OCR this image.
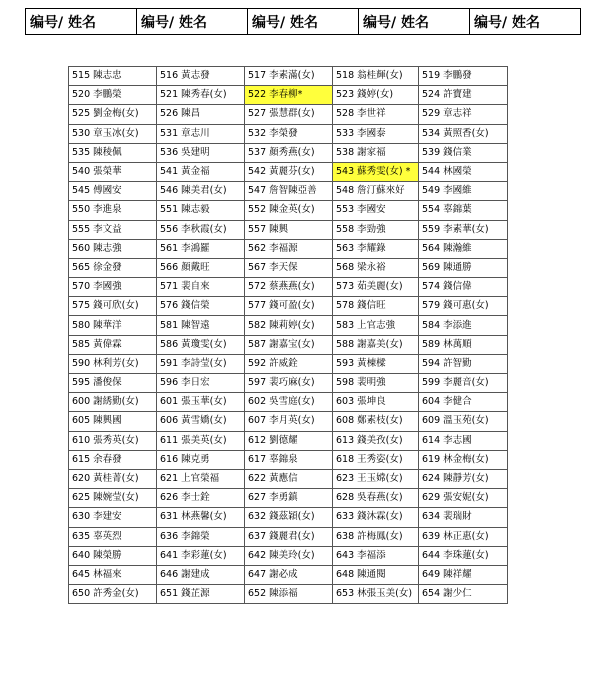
编号/ 姓名	编号/ 姓名	编号/ 姓名	编号/ 姓名	编号/ 姓名
515 陳志忠	516 黃志發	517 李素滿(女)	518 翁桂輝(女)	519 李鵬發
520 李鵬榮	521 陳秀春(女)	522 李春柳*	523 錢婷(女)	524 許寶建
525 劉金梅(女)	526 陳昌	527 張慧群(女)	528 李世祥	529 章志祥
530 章玉冰(女)	531 章志川	532 李榮發	533 李國泰	534 黃照香(女)
535 陳稜佩	536 吳建明	537 顏秀燕(女)	538 謝家福	539 錢信業
540 張榮華	541 黃金福	542 黃麗芬(女)	543 蘇秀雯(女) *	544 林國榮
545 傅國安	546 陳美君(女)	547 詹智陳亞善	548 詹汀蘇來好	549 李國維
550 李進泉	551 陳志毅	552 陳金英(女)	553 李國安	554 辜錦葉
555 李文益	556 李秋霞(女)	557 陳興	558 李勁強	559 李素華(女)
560 陳志強	561 李鴻羅	562 李福源	563 李耀錄	564 陳瀚維
565 徐金發	566 顏戴旺	567 李天保	568 梁永裕	569 陳通勝
570 李國強	571 裴自來	572 蔡燕燕(女)	573 茹美麗(女)	574 錢信偉
575 錢可欣(女)	576 錢信榮	577 錢可盈(女)	578 錢信旺	579 錢可惠(女)
580 陳華洋	581 陳智遠	582 陳莉婷(女)	583 上官志強	584 李添進
585 黃偉霖	586 黃瓊雯(女)	587 謝嘉宝(女)	588 謝嘉美(女)	589 林萬順
590 林利芳(女)	591 李詩莹(女)	592 許威銓	593 黃棟樑	594 許智勤
595 潘俊保	596 李日宏	597 裴巧麻(女)	598 裴明強	599 李麗音(女)
600 謝綉勤(女)	601 張玉華(女)	602 吳雪庭(女)	603 張坤良	604 李健合
605 陳興國	606 黃雪嬌(女)	607 李月英(女)	608 鄭素枝(女)	609 溫玉苑(女)
610 張秀英(女)	611 張美英(女)	612 劉德耀	613 錢美孜(女)	614 李志國
615 余春發	616 陳克勇	617 辜錦泉	618 王秀姿(女)	619 林金梅(女)
620 黃桂菁(女)	621 上官榮福	622 黃應信	623 王玉嫦(女)	624 陳靜芳(女)
625 陳婉莹(女)	626 李士銓	627 李勇鎮	628 吳春燕(女)	629 張安妮(女)
630 李建安	631 林燕馨(女)	632 錢茲穎(女)	633 錢沐霖(女)	634 裴瑞財
635 辜英烈	636 李錦榮	637 錢麗君(女)	638 許梅鳳(女)	639 林正惠(女)
640 陳榮勝	641 李彩蓮(女)	642 陳美玲(女)	643 李福添	644 李珠蓮(女)
645 林福來	646 謝建成	647 謝必成	648 陳通閱	649 陳祥耀
650 許秀金(女)	651 錢芷源	652 陳添福	653 林張玉美(女)	654 謝少仁
